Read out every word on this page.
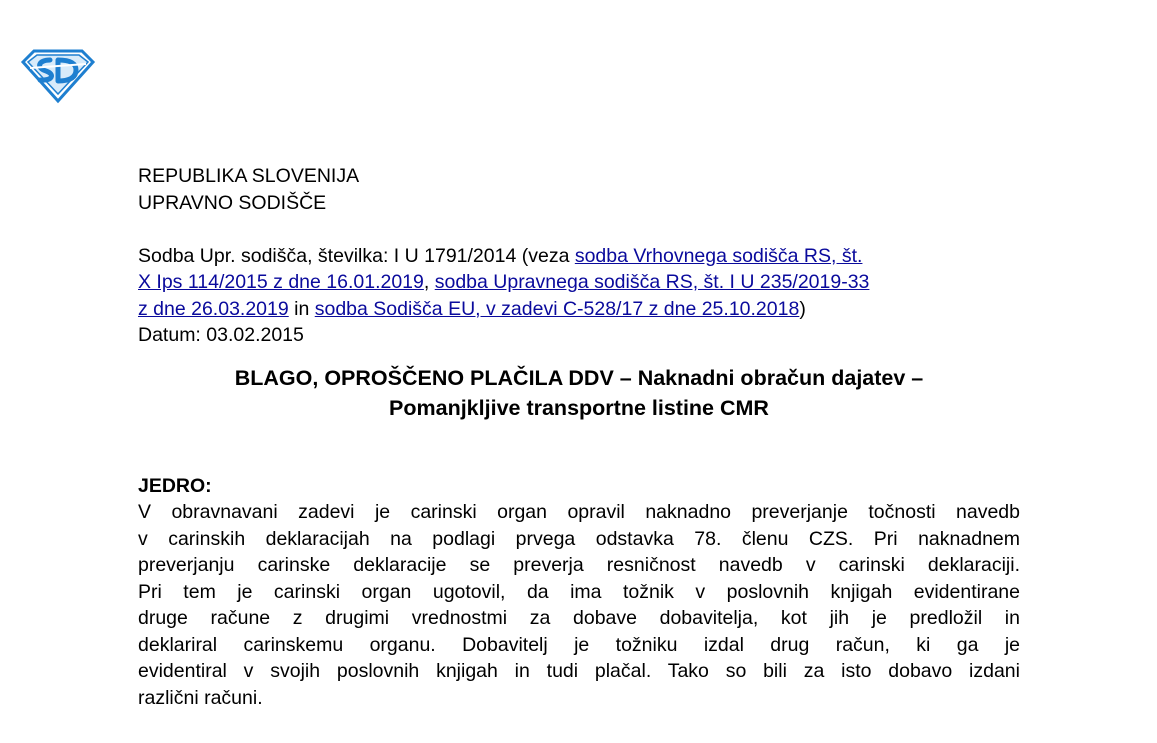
REPUBLIKA SLOVENIJA
UPRAVNO SODIŠČE
Sodba Upr. sodišča, številka: I U 1791/2014 (veza sodba Vrhovnega sodišča RS, št.
X Ips 114/2015 z dne 16.01.2019, sodba Upravnega sodišča RS, št. I U 235/2019-33
z dne 26.03.2019 in sodba Sodišča EU, v zadevi C-528/17 z dne 25.10.2018)
Datum: 03.02.2015
BLAGO, OPROŠČENO PLAČILA DDV – Naknadni obračun dajatev –
Pomanjkljive transportne listine CMR
JEDRO:
V obravnavani zadevi je carinski organ opravil naknadno preverjanje točnosti navedb
v carinskih deklaracijah na podlagi prvega odstavka 78. členu CZS. Pri naknadnem
preverjanju carinske deklaracije se preverja resničnost navedb v carinski deklaraciji.
Pri tem je carinski organ ugotovil, da ima tožnik v poslovnih knjigah evidentirane
druge račune z drugimi vrednostmi za dobave dobavitelja, kot jih je predložil in
deklariral carinskemu organu. Dobavitelj je tožniku izdal drug račun, ki ga je
evidentiral v svojih poslovnih knjigah in tudi plačal. Tako so bili za isto dobavo izdani
različni računi.
